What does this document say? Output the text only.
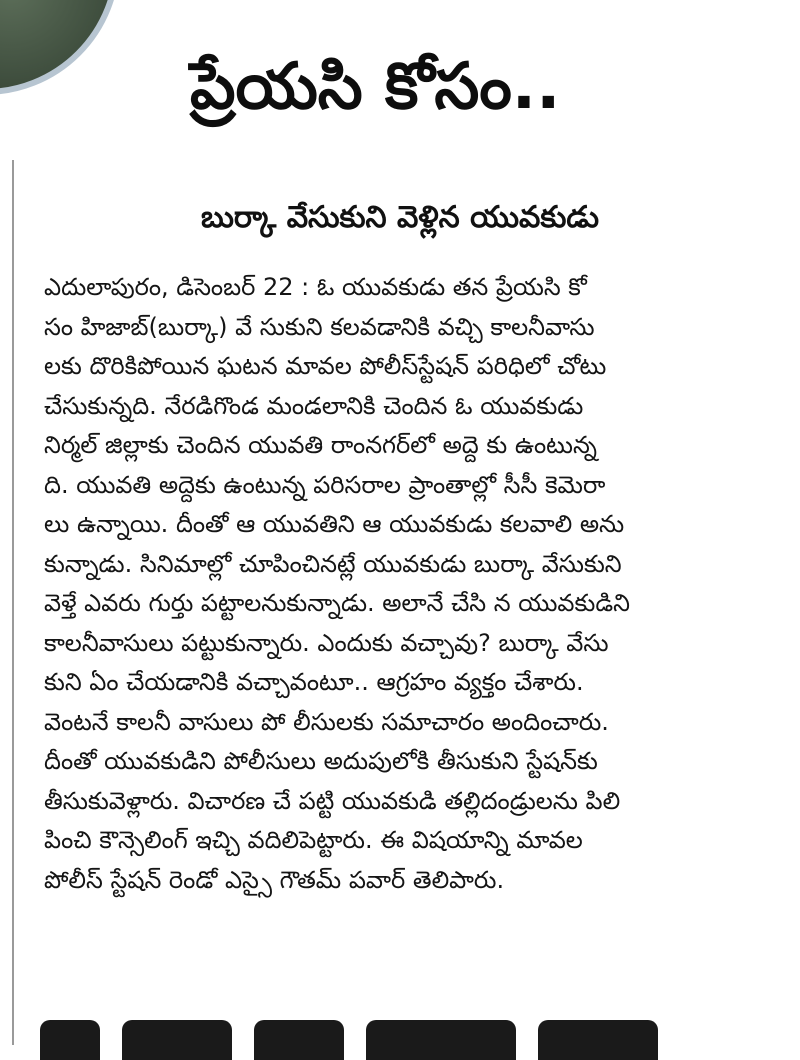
ప్రేయసి కోసం..
బుర్కా వేసుకుని వెళ్లిన యువకుడు
ఎదులాపురం, డిసెంబర్ 22 : ఓ యువకుడు తన ప్రేయసి కో
సం హిజాబ్(బుర్కా) వే సుకుని కలవడానికి వచ్చి కాలనీవాసు
లకు దొరికిపోయిన ఘటన మావల పోలీస్‌స్టేషన్ పరిధిలో చోటు
చేసుకున్నది. నేరడిగొండ మండలానికి చెందిన ఓ యువకుడు
నిర్మల్ జిల్లాకు చెందిన యువతి రాంనగర్‌లో అద్దె కు ఉంటున్న
ది. యువతి అద్దెకు ఉంటున్న పరిసరాల ప్రాంతాల్లో సీసీ కెమెరా
లు ఉన్నాయి. దీంతో ఆ యువతిని ఆ యువకుడు కలవాలి అను
కున్నాడు. సినిమాల్లో చూపించినట్లే యువకుడు బుర్కా వేసుకుని
వెళ్తే ఎవరు గుర్తు పట్టాలనుకున్నాడు. అలానే చేసి న యువకుడిని
కాలనీవాసులు పట్టుకున్నారు. ఎందుకు వచ్చావు? బుర్కా వేసు
కుని ఏం చేయడానికి వచ్చావంటూ.. ఆగ్రహం వ్యక్తం చేశారు.
వెంటనే కాలనీ వాసులు పో లీసులకు సమాచారం అందించారు.
దీంతో యువకుడిని పోలీసులు అదుపులోకి తీసుకుని స్టేషన్‌కు
తీసుకువెళ్లారు. విచారణ చే పట్టి యువకుడి తల్లిదండ్రులను పిలి
పించి కౌన్సెలింగ్ ఇచ్చి వదిలిపెట్టారు. ఈ విషయాన్ని మావల
పోలీస్ స్టేషన్ రెండో ఎస్సై గౌతమ్ పవార్ తెలిపారు.
